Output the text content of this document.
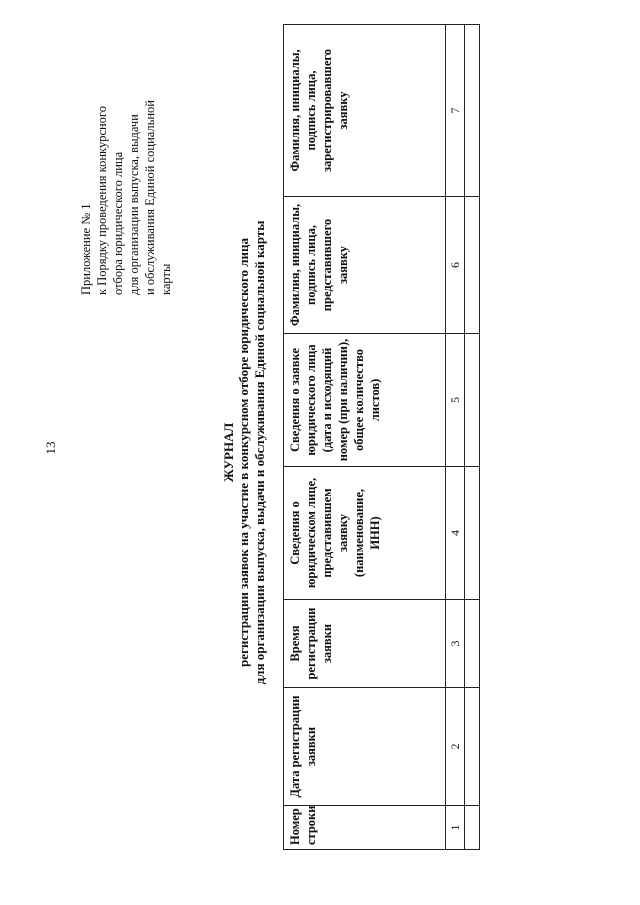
13
Приложение № 1 к Порядку проведения конкурсного отбора юридического лица для организации выпуска, выдачи и обслуживания Единой социальной карты
ЖУРНАЛ регистрации заявок на участие в конкурсном отборе юридического лица для организации выпуска, выдачи и обслуживания Единой социальной карты
Номер строки	Дата регистрации заявки	Время регистрации заявки	Сведения о юридическом лице, представившем заявку (наименование, ИНН)	Сведения о заявке юридического лица (дата и исходящий номер (при наличии), общее количество листов)	Фамилия, инициалы, подпись лица, представившего заявку	Фамилия, инициалы, подпись лица, зарегистрировавшего заявку
1	2	3	4	5	6	7
